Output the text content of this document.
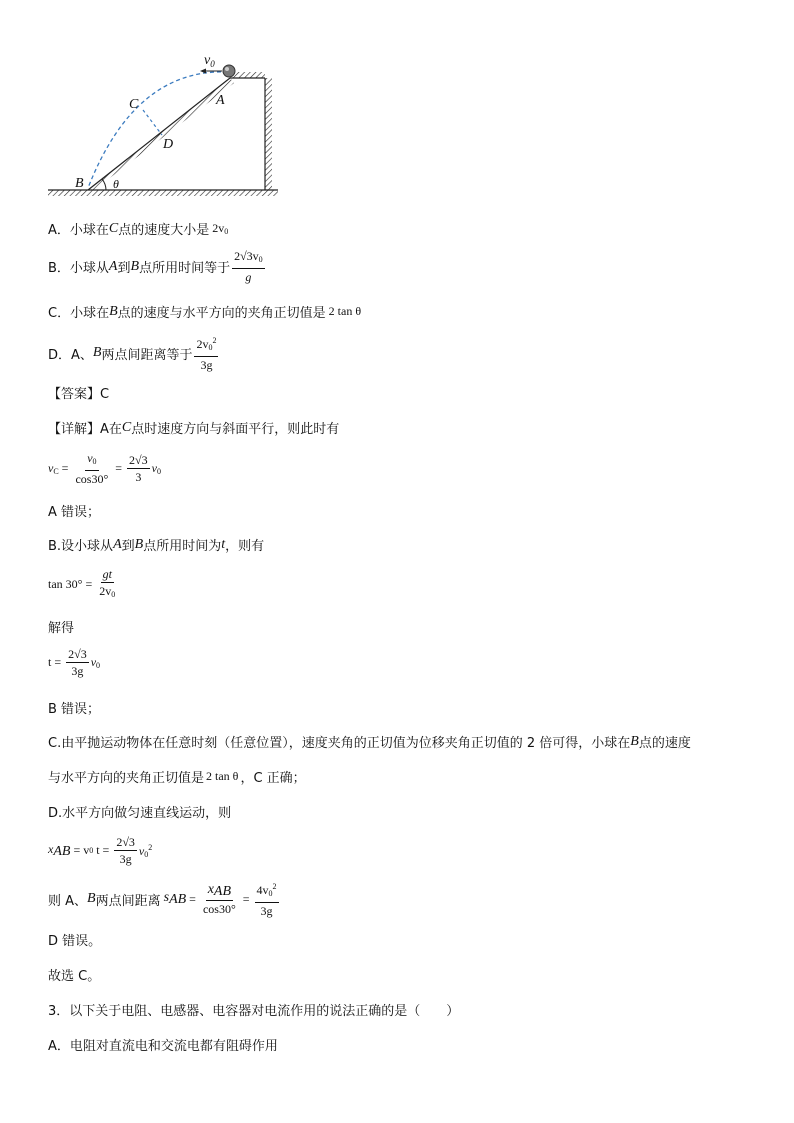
$v_0$
A
C
D
B θ
A．小球在 C 点的速度大小是 $2v_0$
B．小球从 A 到 B 点所用时间等于 $\frac{2√3v_0}{g}$
C．小球在 B 点的速度与水平方向的夹角正切值是 2 tan θ
D．A、 B 两点间距离等于 $\frac{2v_0^2}{3g}$
【答案】C
【详解】A在 C 点时速度方向与斜面平行，则此时有
$v_C = \frac{v_0}{\cos 30^\circ} = \frac{2√3}{3} v_0$
A 错误；
B.设小球从 A 到 B 点所用时间为 t ，则有
$\tan 30^\circ = \frac{gt}{2v_0}$
解得
$t = \frac{2√3}{3g} v_0$
B 错误；
C.由平抛运动物体在任意时刻（任意位置），速度夹角的正切值为位移夹角正切值的 2 倍可得，小球在 B 点的速度
与水平方向的夹角正切值是 2 tan θ ，C 正确；
D.水平方向做匀速直线运动，则
$x_{AB} = v$ 0 $t = \frac{2√3}{3g} v_0^2$
则 A、 B 两点间距离 $s_{AB} = \frac{x_{AB}}{\cos 30^\circ} = \frac{4v_0^2}{3g}$
D 错误。
故选 C。
3．以下关于电阻、电感器、电容器对电流作用的说法正确的是（　　）
A．电阻对直流电和交流电都有阻碍作用
